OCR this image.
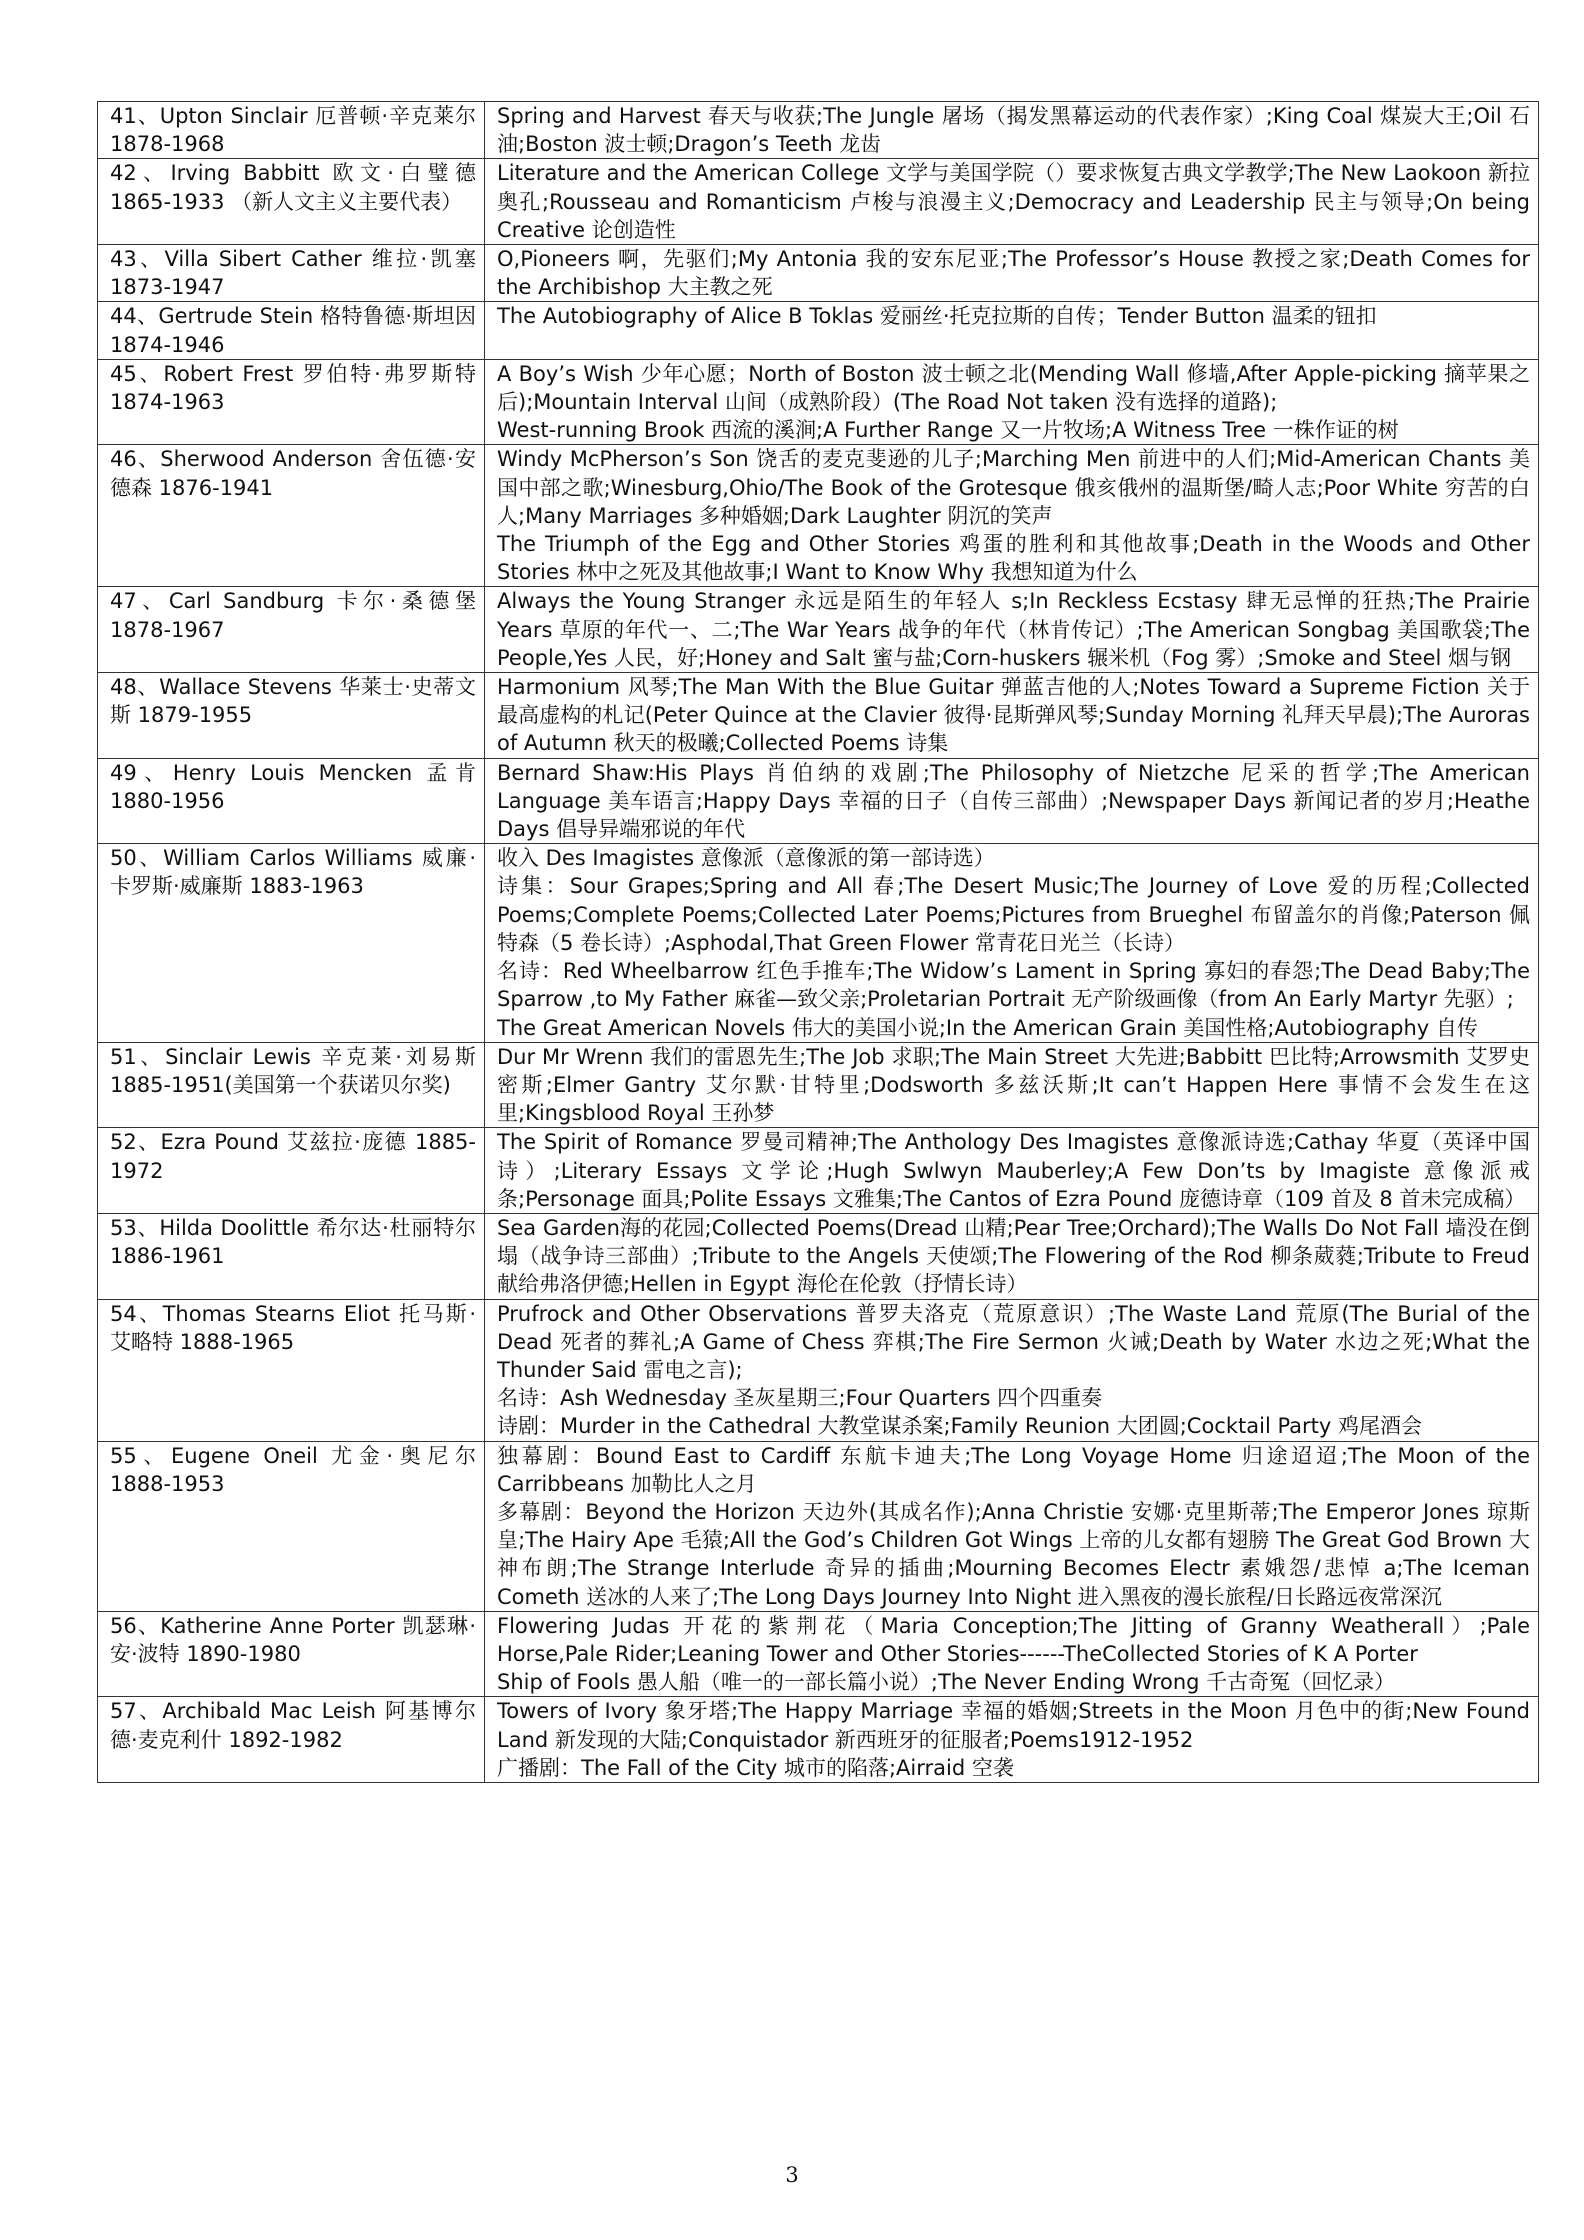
41、Upton Sinclair 厄普顿·辛克莱尔 1878-1968	Spring and Harvest 春天与收获;The Jungle 屠场（揭发黑幕运动的代表作家）;King Coal 煤炭大王;Oil 石油;Boston 波士顿;Dragon’s Teeth 龙齿

42、Irving Babbitt 欧文·白璧德 1865-1933 （新人文主义主要代表）	Literature and the American College 文学与美国学院（）要求恢复古典文学教学;The New Laokoon 新拉奥孔;Rousseau and Romanticism 卢梭与浪漫主义;Democracy and Leadership 民主与领导;On being Creative 论创造性

43、Villa Sibert Cather 维拉·凯塞 1873-1947	O,Pioneers 啊，先驱们;My Antonia 我的安东尼亚;The Professor’s House 教授之家;Death Comes for the Archibishop 大主教之死

44、Gertrude Stein 格特鲁德·斯坦因 1874-1946	The Autobiography of Alice B Toklas 爱丽丝·托克拉斯的自传；Tender Button 温柔的钮扣

45、Robert Frest 罗伯特·弗罗斯特 1874-1963	A Boy’s Wish 少年心愿；North of Boston 波士顿之北(Mending Wall 修墙,After Apple-picking 摘苹果之后);Mountain Interval 山间（成熟阶段）(The Road Not taken 没有选择的道路);
West-running Brook 西流的溪涧;A Further Range 又一片牧场;A Witness Tree 一株作证的树

46、Sherwood Anderson 舍伍德·安德森 1876-1941	Windy McPherson’s Son 饶舌的麦克斐逊的儿子;Marching Men 前进中的人们;Mid-American Chants 美国中部之歌;Winesburg,Ohio/The Book of the Grotesque 俄亥俄州的温斯堡/畸人志;Poor White 穷苦的白人;Many Marriages 多种婚姻;Dark Laughter 阴沉的笑声
The Triumph of the Egg and Other Stories 鸡蛋的胜利和其他故事;Death in the Woods and Other Stories 林中之死及其他故事;I Want to Know Why 我想知道为什么

47、Carl Sandburg 卡尔·桑德堡 1878-1967	Always the Young Stranger 永远是陌生的年轻人 s;In Reckless Ecstasy 肆无忌惮的狂热;The Prairie Years 草原的年代一、二;The War Years 战争的年代（林肯传记）;The American Songbag 美国歌袋;The People,Yes 人民，好;Honey and Salt 蜜与盐;Corn-huskers 辗米机（Fog 雾）;Smoke and Steel 烟与钢

48、Wallace Stevens 华莱士·史蒂文斯 1879-1955	Harmonium 风琴;The Man With the Blue Guitar 弹蓝吉他的人;Notes Toward a Supreme Fiction 关于最高虚构的札记(Peter Quince at the Clavier 彼得·昆斯弹风琴;Sunday Morning 礼拜天早晨);The Auroras of Autumn 秋天的极曦;Collected Poems 诗集

49、Henry Louis Mencken 孟肯 1880-1956	Bernard Shaw:His Plays 肖伯纳的戏剧;The Philosophy of Nietzche 尼采的哲学;The American Language 美车语言;Happy Days 幸福的日子（自传三部曲）;Newspaper Days 新闻记者的岁月;Heathe Days 倡导异端邪说的年代

50、William Carlos Williams 威廉·卡罗斯·威廉斯 1883-1963	收入 Des Imagistes 意像派（意像派的第一部诗选）
诗集：Sour Grapes;Spring and All 春;The Desert Music;The Journey of Love 爱的历程;Collected Poems;Complete Poems;Collected Later Poems;Pictures from Brueghel 布留盖尔的肖像;Paterson 佩特森（5 卷长诗）;Asphodal,That Green Flower 常青花日光兰（长诗）
名诗：Red Wheelbarrow 红色手推车;The Widow’s Lament in Spring 寡妇的春怨;The Dead Baby;The Sparrow ,to My Father 麻雀—致父亲;Proletarian Portrait 无产阶级画像（from An Early Martyr 先驱）;
The Great American Novels 伟大的美国小说;In the American Grain 美国性格;Autobiography 自传

51、Sinclair Lewis 辛克莱·刘易斯 1885-1951(美国第一个获诺贝尔奖)	Dur Mr Wrenn 我们的雷恩先生;The Job 求职;The Main Street 大先进;Babbitt 巴比特;Arrowsmith 艾罗史密斯;Elmer Gantry 艾尔默·甘特里;Dodsworth 多兹沃斯;It can’t Happen Here 事情不会发生在这里;Kingsblood Royal 王孙梦

52、Ezra Pound 艾兹拉·庞德 1885-1972	The Spirit of Romance 罗曼司精神;The Anthology Des Imagistes 意像派诗选;Cathay 华夏（英译中国诗）;Literary Essays 文学论;Hugh Swlwyn Mauberley;A Few Don’ts by Imagiste 意像派戒条;Personage 面具;Polite Essays 文雅集;The Cantos of Ezra Pound 庞德诗章（109 首及 8 首未完成稿）

53、Hilda Doolittle 希尔达·杜丽特尔 1886-1961	Sea Garden海的花园;Collected Poems(Dread 山精;Pear Tree;Orchard);The Walls Do Not Fall 墙没在倒塌（战争诗三部曲）;Tribute to the Angels 天使颂;The Flowering of the Rod 柳条葳蕤;Tribute to Freud 献给弗洛伊德;Hellen in Egypt 海伦在伦敦（抒情长诗）

54、Thomas Stearns Eliot 托马斯·艾略特 1888-1965	Prufrock and Other Observations 普罗夫洛克（荒原意识）;The Waste Land 荒原(The Burial of the Dead 死者的葬礼;A Game of Chess 弈棋;The Fire Sermon 火诫;Death by Water 水边之死;What the Thunder Said 雷电之言);
名诗：Ash Wednesday 圣灰星期三;Four Quarters 四个四重奏
诗剧：Murder in the Cathedral 大教堂谋杀案;Family Reunion 大团圆;Cocktail Party 鸡尾酒会

55、Eugene Oneil 尤金·奥尼尔 1888-1953	独幕剧：Bound East to Cardiff 东航卡迪夫;The Long Voyage Home 归途迢迢;The Moon of the Carribbeans 加勒比人之月
多幕剧：Beyond the Horizon 天边外(其成名作);Anna Christie 安娜·克里斯蒂;The Emperor Jones 琼斯皇;The Hairy Ape 毛猿;All the God’s Children Got Wings 上帝的儿女都有翅膀 The Great God Brown 大神布朗;The Strange Interlude 奇异的插曲;Mourning Becomes Electr 素娥怨/悲悼 a;The Iceman Cometh 送冰的人来了;The Long Days Journey Into Night 进入黑夜的漫长旅程/日长路远夜常深沉

56、Katherine Anne Porter 凯瑟琳·安·波特 1890-1980	Flowering Judas 开花的紫荆花（Maria Conception;The Jitting of Granny Weatherall）;Pale Horse,Pale Rider;Leaning Tower and Other Stories------TheCollected Stories of K A Porter
Ship of Fools 愚人船（唯一的一部长篇小说）;The Never Ending Wrong 千古奇冤（回忆录）

57、Archibald Mac Leish 阿基博尔德·麦克利什 1892-1982	Towers of Ivory 象牙塔;The Happy Marriage 幸福的婚姻;Streets in the Moon 月色中的街;New Found Land 新发现的大陆;Conquistador 新西班牙的征服者;Poems1912-1952
广播剧：The Fall of the City 城市的陷落;Airraid 空袭
3
